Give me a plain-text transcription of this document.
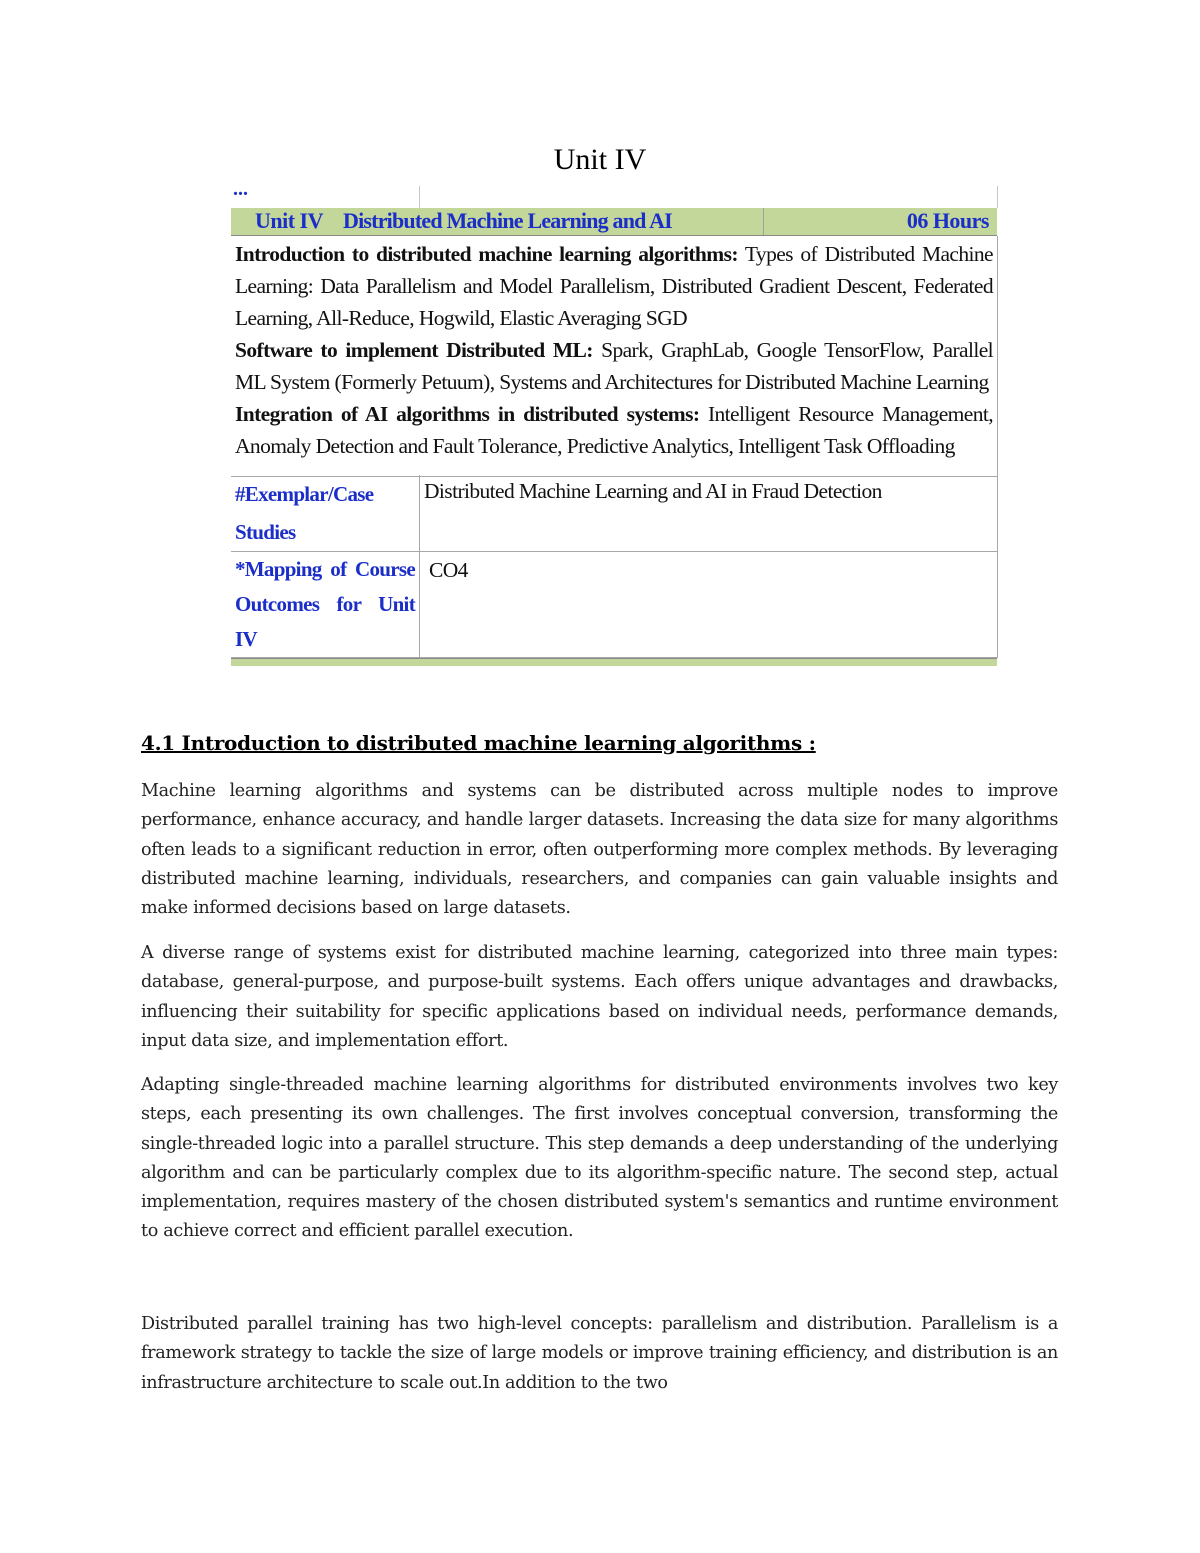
Unit IV
...
Unit IV Distributed Machine Learning and AI	06 Hours

Introduction to distributed machine learning algorithms: Types of Distributed Machine Learning: Data Parallelism and Model Parallelism, Distributed Gradient Descent, Federated Learning, All-Reduce, Hogwild, Elastic Averaging SGD

Software to implement Distributed ML: Spark, GraphLab, Google TensorFlow, Parallel ML System (Formerly Petuum), Systems and Architectures for Distributed Machine Learning

Integration of AI algorithms in distributed systems: Intelligent Resource Management, Anomaly Detection and Fault Tolerance, Predictive Analytics, Intelligent Task Offloading

#Exemplar/Case Studies
Distributed Machine Learning and AI in Fraud Detection
*Mapping of Course Outcomes for Unit IV
CO4
4.1 Introduction to distributed machine learning algorithms :

Machine learning algorithms and systems can be distributed across multiple nodes to improve performance, enhance accuracy, and handle larger datasets. Increasing the data size for many algorithms often leads to a significant reduction in error, often outperforming more complex methods. By leveraging distributed machine learning, individuals, researchers, and companies can gain valuable insights and make informed decisions based on large datasets.

A diverse range of systems exist for distributed machine learning, categorized into three main types: database, general-purpose, and purpose-built systems. Each offers unique advantages and drawbacks, influencing their suitability for specific applications based on individual needs, performance demands, input data size, and implementation effort.

Adapting single-threaded machine learning algorithms for distributed environments involves two key steps, each presenting its own challenges. The first involves conceptual conversion, transforming the single-threaded logic into a parallel structure. This step demands a deep understanding of the underlying algorithm and can be particularly complex due to its algorithm-specific nature. The second step, actual implementation, requires mastery of the chosen distributed system's semantics and runtime environment to achieve correct and efficient parallel execution.

Distributed parallel training has two high-level concepts: parallelism and distribution. Parallelism is a framework strategy to tackle the size of large models or improve training efficiency, and distribution is an infrastructure architecture to scale out.In addition to the two
